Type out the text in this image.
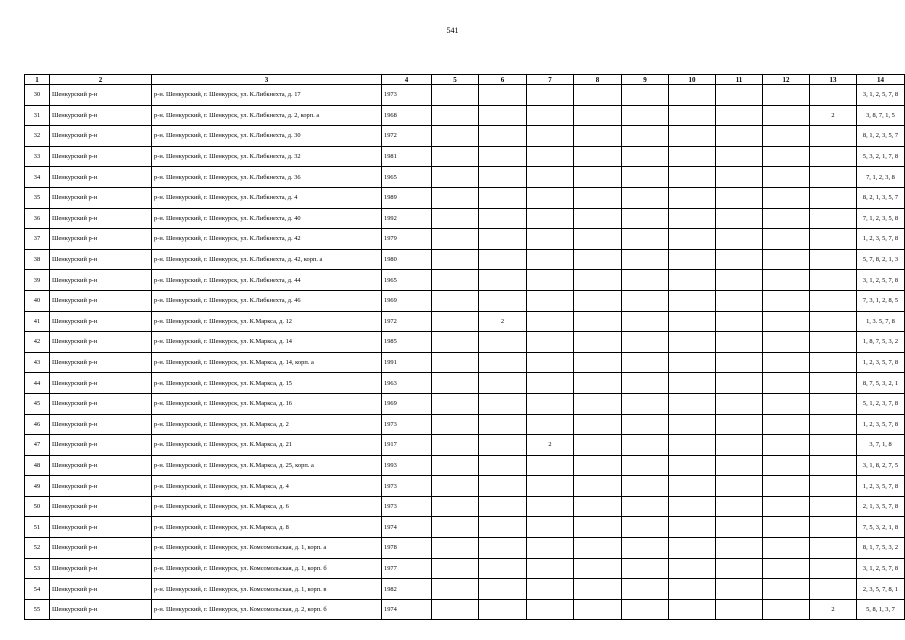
541
1	2	3	4	5	6	7	8	9	10	11	12	13	14
30	Шенкурский р-н	р-н. Шенкурский, г. Шенкурск, ул. К.Либкнехта, д. 17	1973										3, 1, 2, 5, 7, 8
31	Шенкурский р-н	р-н. Шенкурский, г. Шенкурск, ул. К.Либкнехта, д. 2, корп. а	1968									2	3, 8, 7, 1, 5
32	Шенкурский р-н	р-н. Шенкурский, г. Шенкурск, ул. К.Либкнехта, д. 30	1972										8, 1, 2, 3, 5, 7
33	Шенкурский р-н	р-н. Шенкурский, г. Шенкурск, ул. К.Либкнехта, д. 32	1981										5, 3, 2, 1, 7, 8
34	Шенкурский р-н	р-н. Шенкурский, г. Шенкурск, ул. К.Либкнехта, д. 36	1965										7, 1, 2, 3, 8
35	Шенкурский р-н	р-н. Шенкурский, г. Шенкурск, ул. К.Либкнехта, д. 4	1989										8, 2, 1, 3, 5, 7
36	Шенкурский р-н	р-н. Шенкурский, г. Шенкурск, ул. К.Либкнехта, д. 40	1992										7, 1, 2, 3, 5, 8
37	Шенкурский р-н	р-н. Шенкурский, г. Шенкурск, ул. К.Либкнехта, д. 42	1979										1, 2, 3, 5, 7, 8
38	Шенкурский р-н	р-н. Шенкурский, г. Шенкурск, ул. К.Либкнехта, д. 42, корп. а	1980										5, 7, 8, 2, 1, 3
39	Шенкурский р-н	р-н. Шенкурский, г. Шенкурск, ул. К.Либкнехта, д. 44	1965										3, 1, 2, 5, 7, 8
40	Шенкурский р-н	р-н. Шенкурский, г. Шенкурск, ул. К.Либкнехта, д. 46	1969										7, 3, 1, 2, 8, 5
41	Шенкурский р-н	р-н. Шенкурский, г. Шенкурск, ул. К.Маркса, д. 12	1972		2								1, 3. 5, 7, 8
42	Шенкурский р-н	р-н. Шенкурский, г. Шенкурск, ул. К.Маркса, д. 14	1985										1, 8, 7, 5, 3, 2
43	Шенкурский р-н	р-н. Шенкурский, г. Шенкурск, ул. К.Маркса, д. 14, корп. а	1991										1, 2, 3, 5, 7, 8
44	Шенкурский р-н	р-н. Шенкурский, г. Шенкурск, ул. К.Маркса, д. 15	1963										8, 7, 5, 3, 2, 1
45	Шенкурский р-н	р-н. Шенкурский, г. Шенкурск, ул. К.Маркса, д. 16	1969										5, 1, 2, 3, 7, 8
46	Шенкурский р-н	р-н. Шенкурский, г. Шенкурск, ул. К.Маркса, д. 2	1973										1, 2, 3, 5, 7, 8
47	Шенкурский р-н	р-н. Шенкурский, г. Шенкурск, ул. К.Маркса, д. 21	1917			2							3, 7, 1, 8
48	Шенкурский р-н	р-н. Шенкурский, г. Шенкурск, ул. К.Маркса, д. 25, корп. а	1993										3, 1, 8, 2, 7, 5
49	Шенкурский р-н	р-н. Шенкурский, г. Шенкурск, ул. К.Маркса, д. 4	1973										1, 2, 3, 5, 7, 8
50	Шенкурский р-н	р-н. Шенкурский, г. Шенкурск, ул. К.Маркса, д. 6	1973										2, 1, 3, 5, 7, 8
51	Шенкурский р-н	р-н. Шенкурский, г. Шенкурск, ул. К.Маркса, д. 8	1974										7, 5, 3, 2, 1, 8
52	Шенкурский р-н	р-н. Шенкурский, г. Шенкурск, ул. Комсомольская, д. 1, корп. а	1978										8, 1, 7, 5, 3, 2
53	Шенкурский р-н	р-н. Шенкурский, г. Шенкурск, ул. Комсомольская, д. 1, корп. б	1977										3, 1, 2, 5, 7, 8
54	Шенкурский р-н	р-н. Шенкурский, г. Шенкурск, ул. Комсомольская, д. 1, корп. в	1982										2, 3, 5, 7, 8, 1
55	Шенкурский р-н	р-н. Шенкурский, г. Шенкурск, ул. Комсомольская, д. 2, корп. б	1974									2	5, 8, 1, 3, 7
